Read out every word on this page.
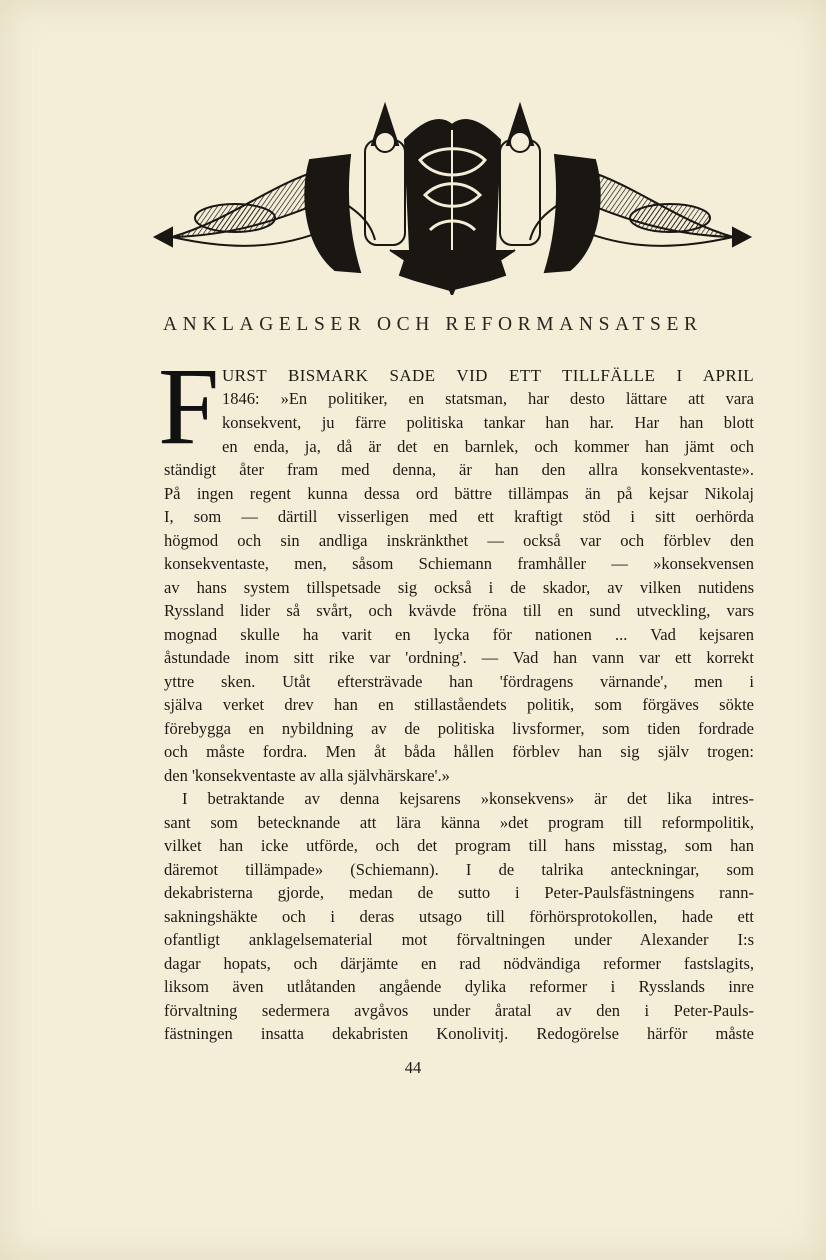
ANKLAGELSER OCH REFORMANSATSER
F URST BISMARK SADE VID ETT TILLFÄLLE I APRIL
1846: »En politiker, en statsman, har desto lättare att vara
konsekvent, ju färre politiska tankar han har. Har han blott
en enda, ja, då är det en barnlek, och kommer han jämt och
ständigt åter fram med denna, är han den allra konsekventaste».
På ingen regent kunna dessa ord bättre tillämpas än på kejsar Nikolaj
I, som — därtill visserligen med ett kraftigt stöd i sitt oerhörda
högmod och sin andliga inskränkthet — också var och förblev den
konsekventaste, men, såsom Schiemann framhåller — »konsekvensen
av hans system tillspetsade sig också i de skador, av vilken nutidens
Ryssland lider så svårt, och kvävde fröna till en sund utveckling, vars
mognad skulle ha varit en lycka för nationen ... Vad kejsaren
åstundade inom sitt rike var 'ordning'. — Vad han vann var ett korrekt
yttre sken. Utåt eftersträvade han 'fördragens värnande', men i
själva verket drev han en stillaståendets politik, som förgäves sökte
förebygga en nybildning av de politiska livsformer, som tiden fordrade
och måste fordra. Men åt båda hållen förblev han sig själv trogen:
den 'konsekventaste av alla självhärskare'.»
I betraktande av denna kejsarens »konsekvens» är det lika intres-
sant som betecknande att lära känna »det program till reformpolitik,
vilket han icke utförde, och det program till hans misstag, som han
däremot tillämpade» (Schiemann). I de talrika anteckningar, som
dekabristerna gjorde, medan de sutto i Peter-Paulsfästningens rann-
sakningshäkte och i deras utsago till förhörsprotokollen, hade ett
ofantligt anklagelsematerial mot förvaltningen under Alexander I:s
dagar hopats, och därjämte en rad nödvändiga reformer fastslagits,
liksom även utlåtanden angående dylika reformer i Rysslands inre
förvaltning sedermera avgåvos under åratal av den i Peter-Pauls-
fästningen insatta dekabristen Konolivitj. Redogörelse härför måste
44
